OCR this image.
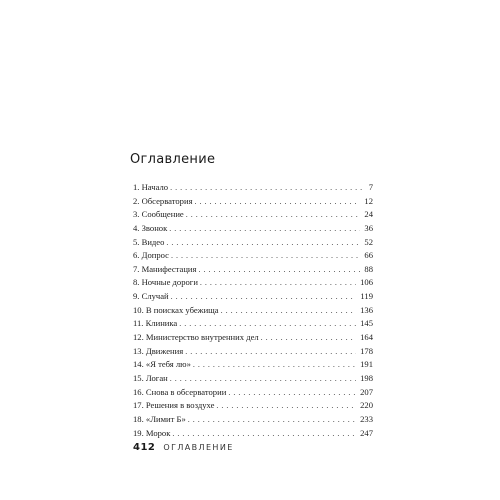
Оглавление
1. Начало . . .	7
2. Обсерватория . . .	12
3. Сообщение . . .	24
4. Звонок . . .	36
5. Видео . . .	52
6. Допрос . . .	66
7. Манифестация . . .	88
8. Ночные дороги . . .	106
9. Случай . . .	119
10. В поисках убежища . . .	136
11. Клиника . . .	145
12. Министерство внутренних дел . . .	164
13. Движения . . .	178
14. «Я тебя лю» . . .	191
15. Логан . . .	198
16. Снова в обсерватории . . .	207
17. Решения в воздухе . . .	220
18. «Лимит Б» . . .	233
19. Морок . . .	247
412 ОГЛАВЛЕНИЕ
